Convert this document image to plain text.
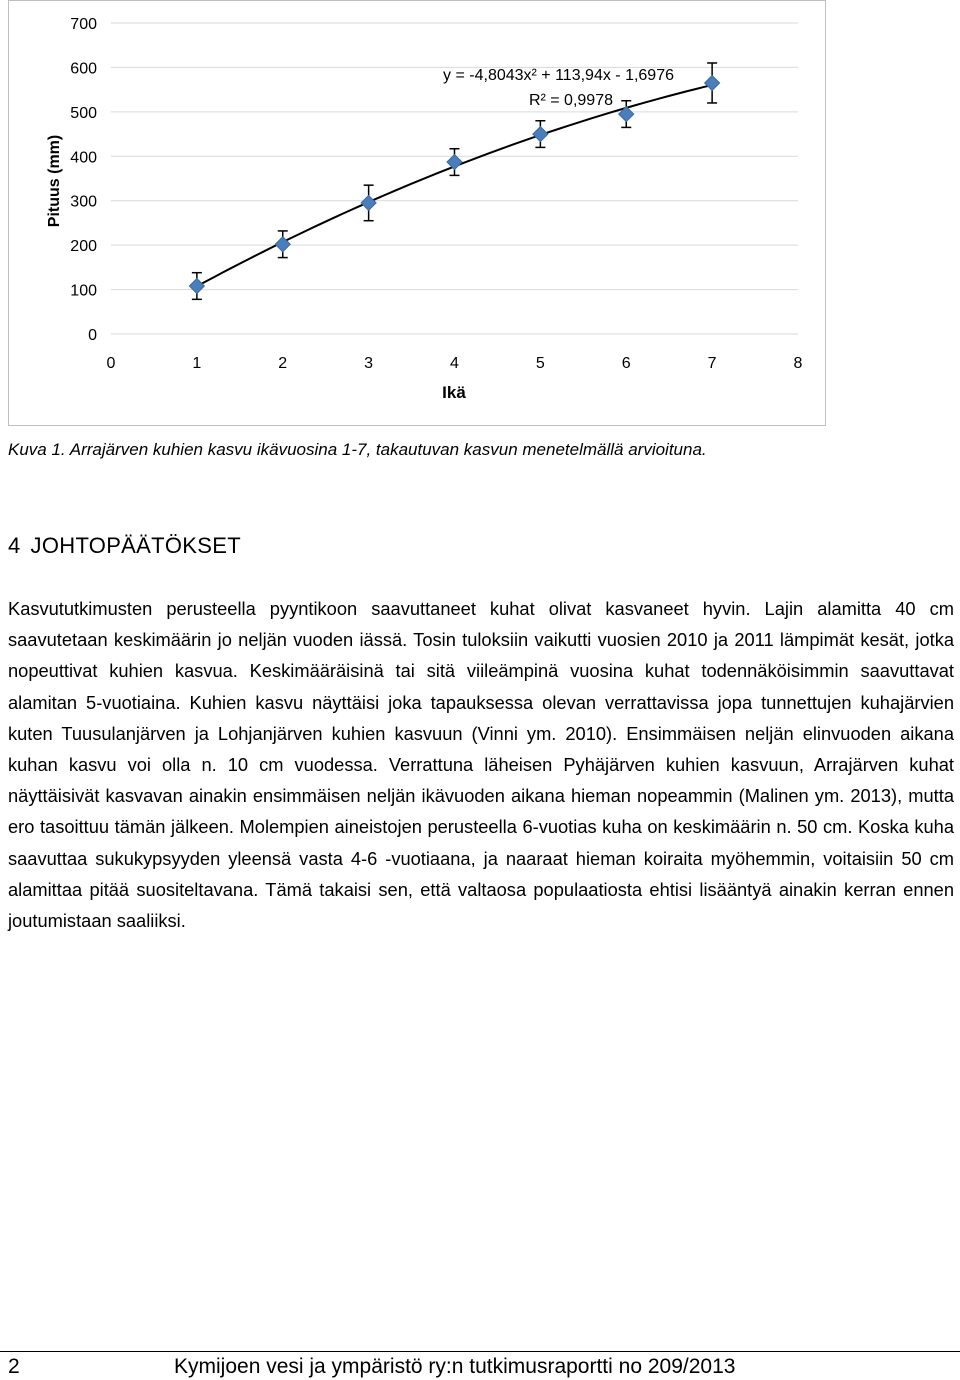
0
100
200
300
400
500
600
700
0	1	2	3	4	5	6	7	8
Ikä
Pituus (mm)
y = -4,8043x² + 113,94x - 1,6976
R² = 0,9978
Kuva 1. Arrajärven kuhien kasvu ikävuosina 1-7, takautuvan kasvun menetelmällä arvioituna.
4 JOHTOPÄÄTÖKSET

Kasvututkimusten perusteella pyyntikoon saavuttaneet kuhat olivat kasvaneet hyvin. Lajin alamitta 40 cm saavutetaan keskimäärin jo neljän vuoden iässä. Tosin tuloksiin vaikutti vuosien 2010 ja 2011 lämpimät kesät, jotka nopeuttivat kuhien kasvua. Keskimääräisinä tai sitä viileämpinä vuosina kuhat todennäköisimmin saavuttavat alamitan 5-vuotiaina. Kuhien kasvu näyttäisi joka tapauksessa olevan verrattavissa jopa tunnettujen kuhajärvien kuten Tuusulanjärven ja Lohjanjärven kuhien kasvuun (Vinni ym. 2010). Ensimmäisen neljän elinvuoden aikana kuhan kasvu voi olla n. 10 cm vuodessa. Verrattuna läheisen Pyhäjärven kuhien kasvuun, Arrajärven kuhat näyttäisivät kasvavan ainakin ensimmäisen neljän ikävuoden aikana hieman nopeammin (Malinen ym. 2013), mutta ero tasoittuu tämän jälkeen. Molempien aineistojen perusteella 6-vuotias kuha on keskimäärin n. 50 cm. Koska kuha saavuttaa sukukypsyyden yleensä vasta 4-6 -vuotiaana, ja naaraat hieman koiraita myöhemmin, voitaisiin 50 cm alamittaa pitää suositeltavana. Tämä takaisi sen, että valtaosa populaatiosta ehtisi lisääntyä ainakin kerran ennen joutumistaan saaliiksi.

2	Kymijoen vesi ja ympäristö ry:n tutkimusraportti no 209/2013
